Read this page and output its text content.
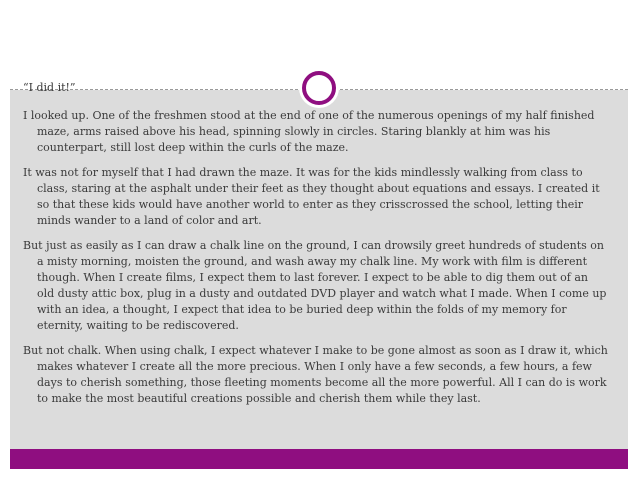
“I did it!”

I looked up. One of the freshmen stood at the end of one of the numerous openings of my half finished maze, arms raised above his head, spinning slowly in circles. Staring blankly at him was his counterpart, still lost deep within the curls of the maze.

It was not for myself that I had drawn the maze. It was for the kids mindlessly walking from class to class, staring at the asphalt under their feet as they thought about equations and essays. I created it so that these kids would have another world to enter as they crisscrossed the school, letting their minds wander to a land of color and art.

But just as easily as I can draw a chalk line on the ground, I can drowsily greet hundreds of students on a misty morning, moisten the ground, and wash away my chalk line. My work with film is different though. When I create films, I expect them to last forever. I expect to be able to dig them out of an old dusty attic box, plug in a dusty and outdated DVD player and watch what I made. When I come up with an idea, a thought, I expect that idea to be buried deep within the folds of my memory for eternity, waiting to be rediscovered.

But not chalk. When using chalk, I expect whatever I make to be gone almost as soon as I draw it, which makes whatever I create all the more precious. When I only have a few seconds, a few hours, a few days to cherish something, those fleeting moments become all the more powerful. All I can do is work to make the most beautiful creations possible and cherish them while they last.
